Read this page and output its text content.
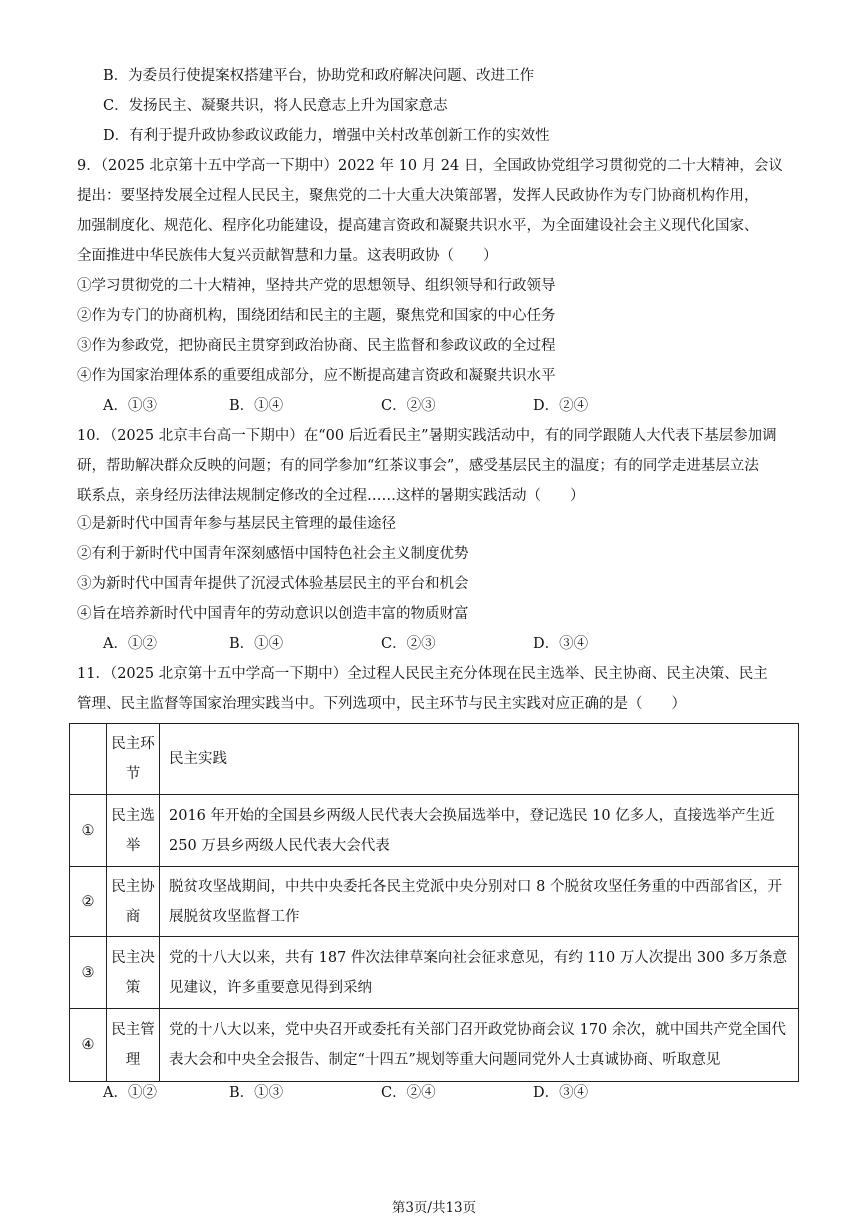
B．为委员行使提案权搭建平台，协助党和政府解决问题、改进工作
C．发扬民主、凝聚共识，将人民意志上升为国家意志
D．有利于提升政协参政议政能力，增强中关村改革创新工作的实效性
9．（2025 北京第十五中学高一下期中）2022 年 10 月 24 日，全国政协党组学习贯彻党的二十大精神，会议
提出：要坚持发展全过程人民民主，聚焦党的二十大重大决策部署，发挥人民政协作为专门协商机构作用，
加强制度化、规范化、程序化功能建设，提高建言资政和凝聚共识水平，为全面建设社会主义现代化国家、
全面推进中华民族伟大复兴贡献智慧和力量。这表明政协（　　）
①学习贯彻党的二十大精神，坚持共产党的思想领导、组织领导和行政领导
②作为专门的协商机构，围绕团结和民主的主题，聚焦党和国家的中心任务
③作为参政党，把协商民主贯穿到政治协商、民主监督和参政议政的全过程
④作为国家治理体系的重要组成部分，应不断提高建言资政和凝聚共识水平
A．①③	B．①④	C．②③	D．②④
10．（2025 北京丰台高一下期中）在“00 后近看民主”暑期实践活动中，有的同学跟随人大代表下基层参加调
研，帮助解决群众反映的问题；有的同学参加“红茶议事会”，感受基层民主的温度；有的同学走进基层立法
联系点，亲身经历法律法规制定修改的全过程……这样的暑期实践活动（　　）
①是新时代中国青年参与基层民主管理的最佳途径
②有利于新时代中国青年深刻感悟中国特色社会主义制度优势
③为新时代中国青年提供了沉浸式体验基层民主的平台和机会
④旨在培养新时代中国青年的劳动意识以创造丰富的物质财富
A．①②	B．①④	C．②③	D．③④
11．（2025 北京第十五中学高一下期中）全过程人民民主充分体现在民主选举、民主协商、民主决策、民主
管理、民主监督等国家治理实践当中。下列选项中，民主环节与民主实践对应正确的是（　　）
	民主环节	民主实践
①	民主选举	2016 年开始的全国县乡两级人民代表大会换届选举中，登记选民 10 亿多人，直接选举产生近 250 万县乡两级人民代表大会代表
②	民主协商	脱贫攻坚战期间，中共中央委托各民主党派中央分别对口 8 个脱贫攻坚任务重的中西部省区，开展脱贫攻坚监督工作
③	民主决策	党的十八大以来，共有 187 件次法律草案向社会征求意见，有约 110 万人次提出 300 多万条意见建议，许多重要意见得到采纳
④	民主管理	党的十八大以来，党中央召开或委托有关部门召开政党协商会议 170 余次，就中国共产党全国代表大会和中央全会报告、制定“十四五”规划等重大问题同党外人士真诚协商、听取意见
A．①②	B．①③	C．②④	D．③④
第3页/共13页
